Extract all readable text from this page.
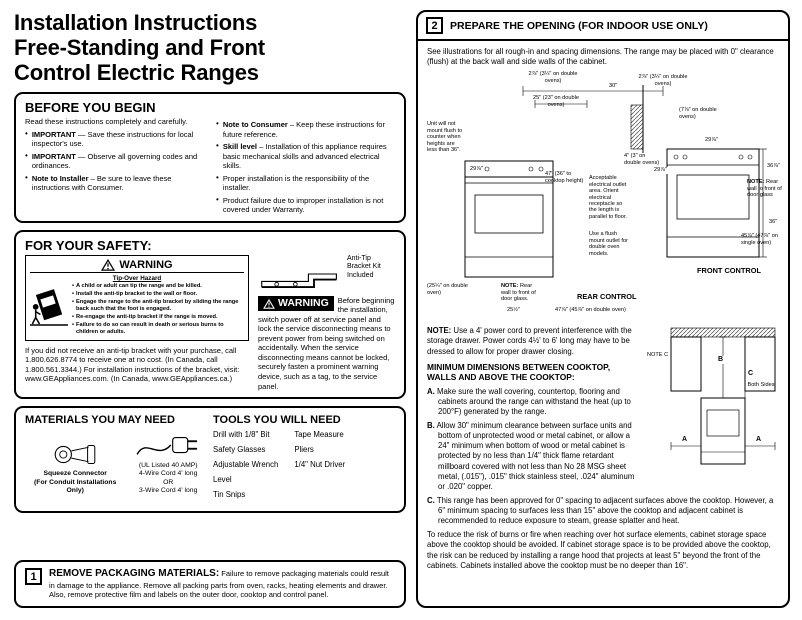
Installation Instructions
Free-Standing and Front
Control Electric Ranges
BEFORE YOU BEGIN

Read these instructions completely and carefully.

• IMPORTANT — Save these instructions for local inspector's use.
• IMPORTANT — Observe all governing codes and ordinances.
• Note to Installer – Be sure to leave these instructions with Consumer.
• Note to Consumer – Keep these instructions for future reference.
• Skill level – Installation of this appliance requires basic mechanical skills and advanced electrical skills.
• Proper installation is the responsibility of the installer.
• Product failure due to improper installation is not covered under Warranty.
FOR YOUR SAFETY:
WARNING
Tip-Over Hazard
• A child or adult can tip the range and be killed.
• Install the anti-tip bracket to the wall or floor.
• Engage the range to the anti-tip bracket by sliding the range back such that the foot is engaged.
• Re-engage the anti-tip bracket if the range is moved.
• Failure to do so can result in death or serious burns to children or adults.

If you did not receive an anti-tip bracket with your purchase, call 1.800.626.8774 to receive one at no cost. (In Canada, call 1.800.561.3344.) For installation instructions of the bracket, visit: www.GEAppliances.com. (In Canada, www.GEAppliances.ca.)

Anti-Tip Bracket Kit Included

WARNING Before beginning the installation, switch power off at service panel and lock the service disconnecting means to prevent power from being switched on accidentally. When the service disconnecting means cannot be locked, securely fasten a prominent warning device, such as a tag, to the service panel.

MATERIALS YOU MAY NEED
Squeeze Connector
(For Conduit Installations Only)
(UL Listed 40 AMP)
4-Wire Cord 4' long OR
3-Wire Cord 4' long
TOOLS YOU WILL NEED
Drill with 1/8" Bit
Safety Glasses
Adjustable Wrench
Level
Tin Snips
Tape Measure
Pliers
1/4" Nut Driver
1	REMOVE PACKAGING MATERIALS: Failure to remove packaging materials could result in damage to the appliance. Remove all packing parts from oven, racks, heating elements and drawer. Also, remove protective film and labels on the outer door, cooktop and control panel.

2	PREPARE THE OPENING (FOR INDOOR USE ONLY)

See illustrations for all rough-in and spacing dimensions. The range may be placed with 0" clearance (flush) at the back wall and side walls of the cabinet.

2⅞" (3¼" on double ovens)
30"
25" (23" on double ovens)
2⅞" (3¼" on double ovens)
(7⅞" on double ovens)
Unit will not mount flush to counter when heights are less than 36".
29⅞"
47" (36" to cooktop height)	Acceptable electrical outlet area. Orient electrical receptacle so the length is parallel to floor.
Use a flush mount outlet for double oven models.
4" (3" on double ovens)
29⅞"
29⅞"
NOTE: Rear wall to front of door glass.
25½"
(25¼" on double oven)
47⅞" (45⅞" on double oven)
REAR CONTROL
36⅞"
NOTE: Rear wall to front of door glass
36"
45⅞" (47⅞" on single oven)
FRONT CONTROL
NOTE C
B
C
Both Sides
A	A

NOTE: Use a 4' power cord to prevent interference with the storage drawer. Power cords 4½' to 6' long may have to be dressed to allow for proper drawer closing.

MINIMUM DIMENSIONS BETWEEN COOKTOP, WALLS AND ABOVE THE COOKTOP:

A. Make sure the wall covering, countertop, flooring and cabinets around the range can withstand the heat (up to 200°F) generated by the range.

B. Allow 30" minimum clearance between surface units and bottom of unprotected wood or metal cabinet, or allow a 24" minimum when bottom of wood or metal cabinet is protected by no less than 1/4" thick flame retardant millboard covered with not less than No 28 MSG sheet metal, (.015"), .015" thick stainless steel, .024" aluminum or .020" copper.

C. This range has been approved for 0" spacing to adjacent surfaces above the cooktop. However, a 6" minimum spacing to surfaces less than 15" above the cooktop and adjacent cabinet is recommended to reduce exposure to steam, grease splatter and heat.

To reduce the risk of burns or fire when reaching over hot surface elements, cabinet storage space above the cooktop should be avoided. If cabinet storage space is to be provided above the cooktop, the risk can be reduced by installing a range hood that projects at least 5" beyond the front of the cabinets. Cabinets installed above the cooktop must be no deeper than 16".
